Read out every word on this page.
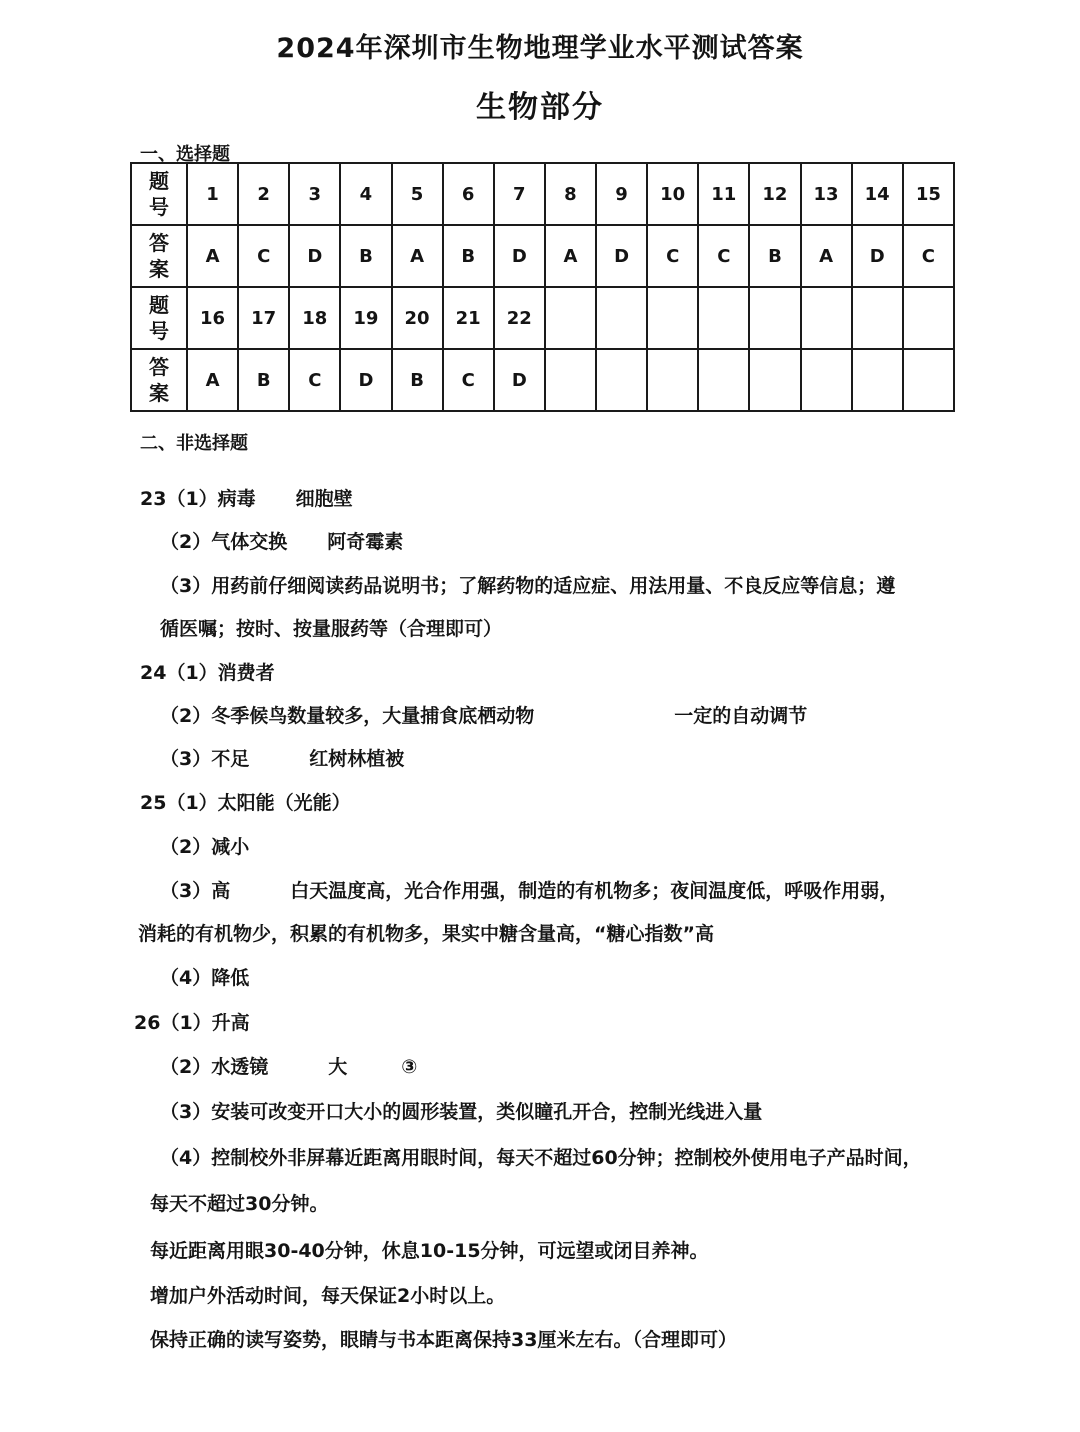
2024年深圳市生物地理学业水平测试答案
生物部分
一、选择题
题
号	1	2	3	4	5	6	7	8	9	10	11	12	13	14	15
答
案	A	C	D	B	A	B	D	A	D	C	C	B	A	D	C
题
号	16	17	18	19	20	21	22								
答
案	A	B	C	D	B	C	D								
二、非选择题
23（1）病毒 细胞壁
（2）气体交换 阿奇霉素
（3）用药前仔细阅读药品说明书；了解药物的适应症、用法用量、不良反应等信息；遵
循医嘱；按时、按量服药等（合理即可）
24（1）消费者
（2）冬季候鸟数量较多，大量捕食底栖动物	一定的自动调节
（3）不足	红树林植被
25（1）太阳能（光能）
（2）减小
（3）高	白天温度高，光合作用强，制造的有机物多；夜间温度低，呼吸作用弱，
消耗的有机物少，积累的有机物多，果实中糖含量高，“糖心指数”高
（4）降低
26（1）升高
（2）水透镜	大	③
（3）安装可改变开口大小的圆形装置，类似瞳孔开合，控制光线进入量
（4）控制校外非屏幕近距离用眼时间，每天不超过60分钟；控制校外使用电子产品时间，
每天不超过30分钟。
每近距离用眼30-40分钟，休息10-15分钟，可远望或闭目养神。
增加户外活动时间，每天保证2小时以上。
保持正确的读写姿势，眼睛与书本距离保持33厘米左右。（合理即可）
